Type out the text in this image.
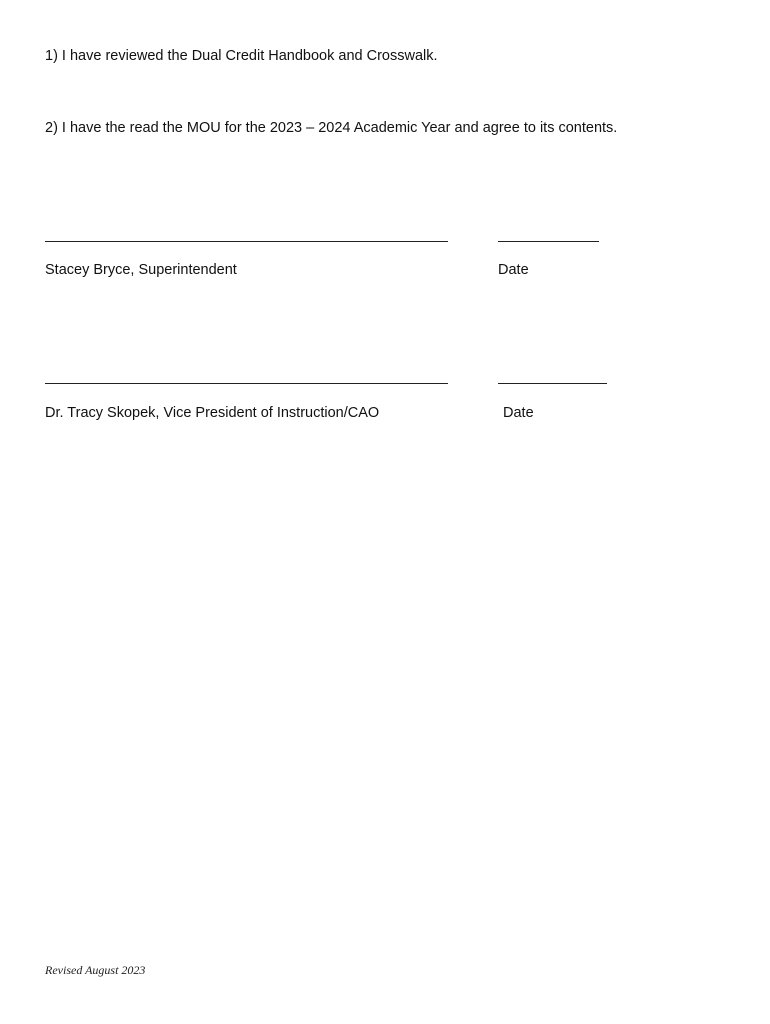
1) I have reviewed the Dual Credit Handbook and Crosswalk.
2) I have the read the MOU for the 2023 – 2024 Academic Year and agree to its contents.
Stacey Bryce, Superintendent	Date
Dr. Tracy Skopek, Vice President of Instruction/CAO	Date
Revised August 2023
